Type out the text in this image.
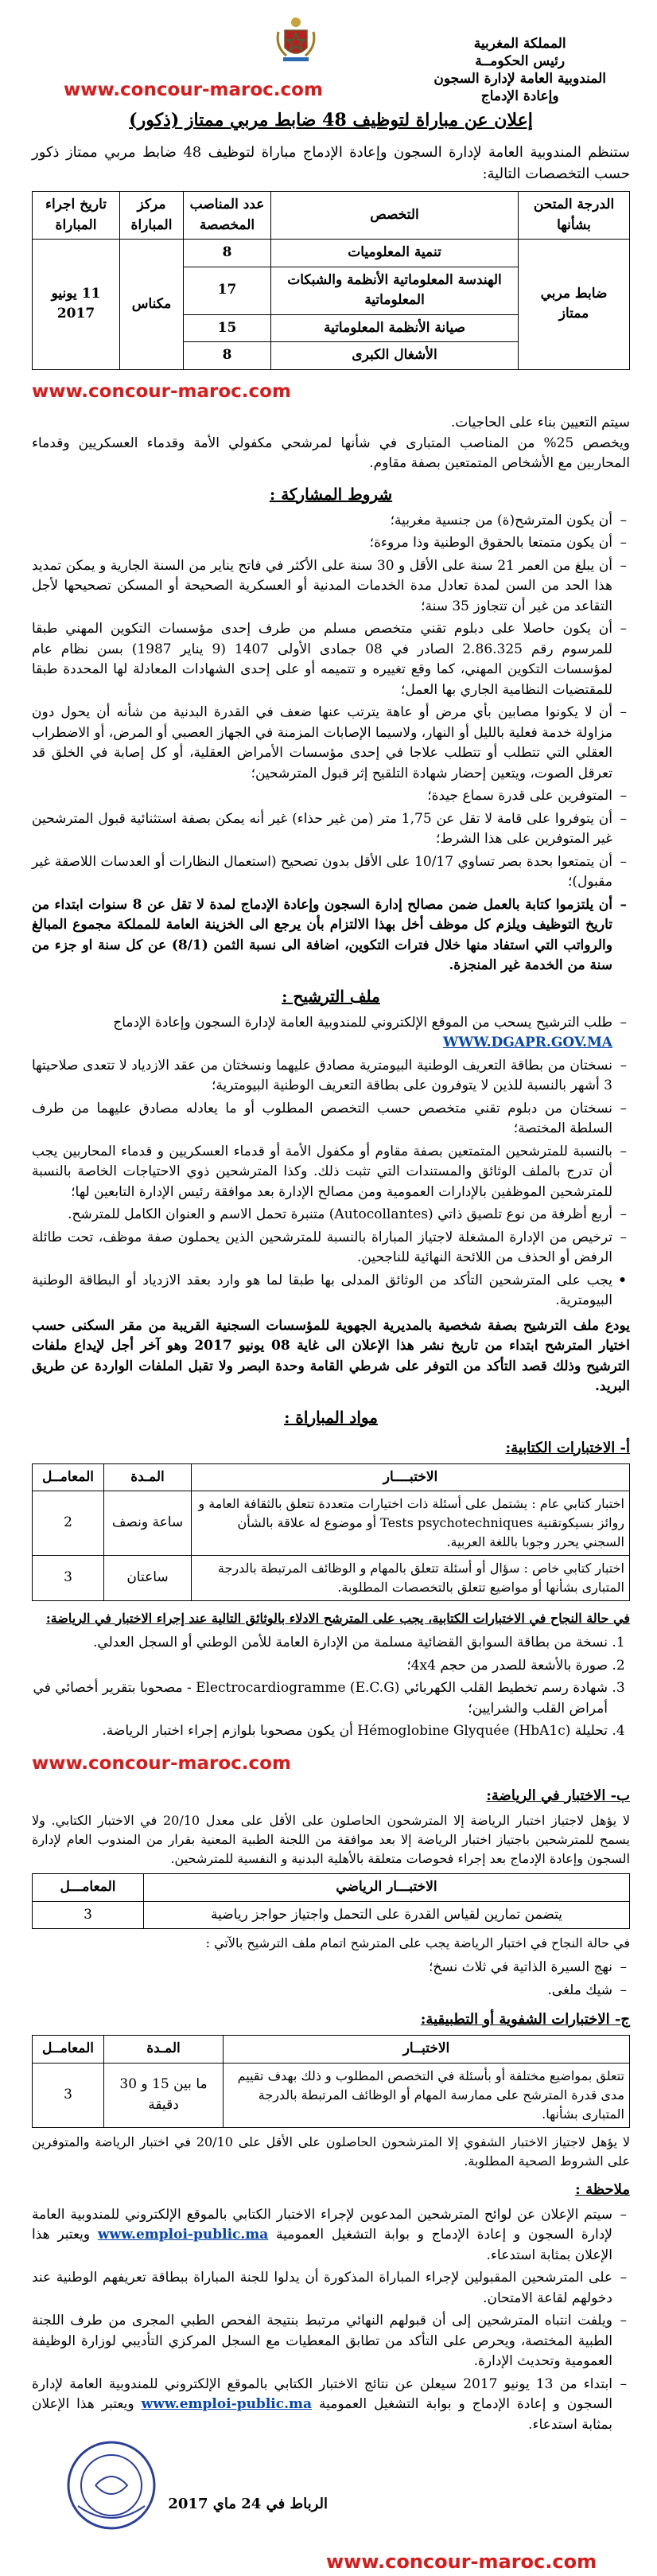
المملكة المغربية
رئيس الحكومــة
المندوبية العامة لإدارة السجون
وإعادة الإدماج
www.concour-maroc.com
إعلان عن مباراة لتوظيف 48 ضابط مربي ممتاز (ذكور)

ستنظم المندوبية العامة لإدارة السجون وإعادة الإدماج مباراة لتوظيف 48 ضابط مربي ممتاز ذكور حسب التخصصات التالية:

الدرجة المتحن بشأنها	التخصص	عدد المناصب المخصصة	مركز المباراة	تاريخ اجراء المباراة
ضابط مربي ممتاز	تنمية المعلوميات	8	مكناس	11 يونيو 2017
	الهندسة المعلوماتية الأنظمة والشبكات المعلوماتية	17		
	صيانة الأنظمة المعلوماتية	15		
	الأشغال الكبرى	8		
www.concour-maroc.com

سيتم التعيين بناء على الحاجيات.
ويخصص 25% من المناصب المتبارى في شأنها لمرشحي مكفولي الأمة وقدماء العسكريين وقدماء المحاربين مع الأشخاص المتمتعين بصفة مقاوم.

شروط المشاركة :
– أن يكون المترشح(ة) من جنسية مغربية؛
– أن يكون متمتعا بالحقوق الوطنية وذا مروءة؛
– أن يبلغ من العمر 21 سنة على الأقل و 30 سنة على الأكثر في فاتح يناير من السنة الجارية و يمكن تمديد هذا الحد من السن لمدة تعادل مدة الخدمات المدنية أو العسكرية الصحيحة أو المسكن تصحيحها لأجل التقاعد من غير أن تتجاوز 35 سنة؛
– أن يكون حاصلا على دبلوم تقني متخصص مسلم من طرف إحدى مؤسسات التكوين المهني طبقا للمرسوم رقم 2.86.325 الصادر في 08 جمادى الأولى 1407 (9 يناير 1987) بسن نظام عام لمؤسسات التكوين المهني، كما وقع تغييره و تتميمه أو على إحدى الشهادات المعادلة لها المحددة طبقا للمقتضيات النظامية الجاري بها العمل؛
– أن لا يكونوا مصابين بأي مرض أو عاهة يترتب عنها ضعف في القدرة البدنية من شأنه أن يحول دون مزاولة خدمة فعلية بالليل أو النهار، ولاسيما الإصابات المزمنة في الجهاز العصبي أو المرض، أو الاضطراب العقلي التي تتطلب أو تتطلب علاجا في إحدى مؤسسات الأمراض العقلية، أو كل إصابة في الخلق قد تعرقل الصوت، ويتعين إحضار شهادة التلقيح إثر قبول المترشحين؛
– المتوفرين على قدرة سماع جيدة؛
– أن يتوفروا على قامة لا تقل عن 1,75 متر (من غير حذاء) غير أنه يمكن بصفة استثنائية قبول المترشحين غير المتوفرين على هذا الشرط؛
– أن يتمتعوا بحدة بصر تساوي 10/17 على الأقل بدون تصحيح (استعمال النظارات أو العدسات اللاصقة غير مقبول)؛
– أن يلتزموا كتابة بالعمل ضمن مصالح إدارة السجون وإعادة الإدماج لمدة لا تقل عن 8 سنوات ابتداء من تاريخ التوظيف ويلزم كل موظف أخل بهذا الالتزام بأن يرجع الى الخزينة العامة للمملكة مجموع المبالغ والرواتب التي استفاد منها خلال فترات التكوين، اضافة الى نسبة الثمن (8/1) عن كل سنة او جزء من سنة من الخدمة غير المنجزة.
ملف الترشيح :
– طلب الترشيح يسحب من الموقع الإلكتروني للمندوبية العامة لإدارة السجون وإعادة الإدماج
WWW.DGAPR.GOV.MA
– نسختان من بطاقة التعريف الوطنية البيومترية مصادق عليهما ونسختان من عقد الازدياد لا تتعدى صلاحيتها 3 أشهر بالنسبة للذين لا يتوفرون على بطاقة التعريف الوطنية البيومترية؛
– نسختان من دبلوم تقني متخصص حسب التخصص المطلوب أو ما يعادله مصادق عليهما من طرف السلطة المختصة؛
– بالنسبة للمترشحين المتمتعين بصفة مقاوم أو مكفول الأمة أو قدماء العسكريين و قدماء المحاربين يجب أن تدرج بالملف الوثائق والمستندات التي تثبت ذلك. وكذا المترشحين ذوي الاحتياجات الخاصة بالنسبة للمترشحين الموظفين بالإدارات العمومية ومن مصالح الإدارة بعد موافقة رئيس الإدارة التابعين لها؛
– أربع أظرفة من نوع تلصيق ذاتي (Autocollantes) متنبرة تحمل الاسم و العنوان الكامل للمترشح.
– ترخيص من الإدارة المشغلة لاجتياز المباراة بالنسبة للمترشحين الذين يحملون صفة موظف، تحت طائلة الرفض أو الحذف من اللائحة النهائية للناجحين.
• يجب على المترشحين التأكد من الوثائق المدلى بها طبقا لما هو وارد بعقد الازدياد أو البطاقة الوطنية البيومترية.

يودع ملف الترشيح بصفة شخصية بالمديرية الجهوية للمؤسسات السجنية القريبة من مقر السكنى حسب اختيار المترشح ابتداء من تاريخ نشر هذا الإعلان الى غاية 08 يونيو 2017 وهو آخر أجل لإيداع ملفات الترشيح وذلك قصد التأكد من التوفر على شرطي القامة وحدة البصر ولا تقبل الملفات الواردة عن طريق البريد.

مواد المباراة :
أ- الاختبارات الكتابية:
الاختبــــار	المـدة	المعامــل
اختبار كتابي عام : يشتمل على أسئلة ذات اختيارات متعددة تتعلق بالثقافة العامة و روائز بسيكوتقنية Tests psychotechniques أو موضوع له علاقة بالشأن السجني يحرر وجوبا باللغة العربية.	ساعة ونصف	2
اختبار كتابي خاص : سؤال أو أسئلة تتعلق بالمهام و الوظائف المرتبطة بالدرجة المتبارى بشأنها أو مواضيع تتعلق بالتخصصات المطلوبة.	ساعتان	3

في حالة النجاح في الاختبارات الكتابية، يجب على المترشح الادلاء بالوثائق التالية عند إجراء الاختبار في الرياضة:

1. نسخة من بطاقة السوابق القضائية مسلمة من الإدارة العامة للأمن الوطني أو السجل العدلي.
2. صورة بالأشعة للصدر من حجم 4x4؛
3. شهادة رسم تخطيط القلب الكهربائي (E.C.G) Electrocardiogramme - مصحوبا بتقرير أخصائي في أمراض القلب والشرايين؛
4. تحليلة Hémoglobine Glyquée (HbA1c) أن يكون مصحوبا بلوازم إجراء اختبار الرياضة.
www.concour-maroc.com
ب- الاختبار في الرياضة:

لا يؤهل لاجتياز اختبار الرياضة إلا المترشحون الحاصلون على الأقل على معدل 20/10 في الاختبار الكتابي. ولا يسمح للمترشحين باجتياز اختبار الرياضة إلا بعد موافقة من اللجنة الطبية المعنية بقرار من المندوب العام لإدارة السجون وإعادة الإدماج بعد إجراء فحوصات متعلقة بالأهلية البدنية و النفسية للمترشحين.

الاختبـــار الرياضي	المعامـــل
يتضمن تمارين لقياس القدرة على التحمل واجتياز حواجز رياضية	3

في حالة النجاح في اختبار الرياضة يجب على المترشح اتمام ملف الترشيح بالآتي :

– نهج السيرة الذاتية في ثلاث نسخ؛
– شيك ملغى.
ج- الاختبارات الشفوية أو التطبيقية:
الاختبــار	المـدة	المعامــل
تتعلق بمواضيع مختلفة أو بأسئلة في التخصص المطلوب و ذلك بهدف تقييم مدى قدرة المترشح على ممارسة المهام أو الوظائف المرتبطة بالدرجة المتبارى بشأنها.	ما بين 15 و 30 دقيقة	3

لا يؤهل لاجتياز الاختبار الشفوي إلا المترشحون الحاصلون على الأقل على 20/10 في اختبار الرياضة والمتوفرين على الشروط الصحية المطلوبة.

ملاحظة :
– سيتم الإعلان عن لوائح المترشحين المدعوين لإجراء الاختبار الكتابي بالموقع الإلكتروني للمندوبية العامة لإدارة السجون و إعادة الإدماج و بوابة التشغيل العمومية www.emploi-public.ma ويعتبر هذا الإعلان بمثابة استدعاء.
– على المترشحين المقبولين لإجراء المباراة المذكورة أن يدلوا للجنة المباراة ببطاقة تعريفهم الوطنية عند دخولهم لقاعة الامتحان.
– ويلفت انتباه المترشحين إلى أن قبولهم النهائي مرتبط بنتيجة الفحص الطبي المجرى من طرف اللجنة الطبية المختصة، ويحرص على التأكد من تطابق المعطيات مع السجل المركزي التأديبي لوزارة الوظيفة العمومية وتحديث الإدارة.
– ابتداء من 13 يونيو 2017 سيعلن عن نتائج الاختبار الكتابي بالموقع الإلكتروني للمندوبية العامة لإدارة السجون و إعادة الإدماج و بوابة التشغيل العمومية www.emploi-public.ma ويعتبر هذا الإعلان بمثابة استدعاء.
الرباط في 24 ماي 2017
www.concour-maroc.com
